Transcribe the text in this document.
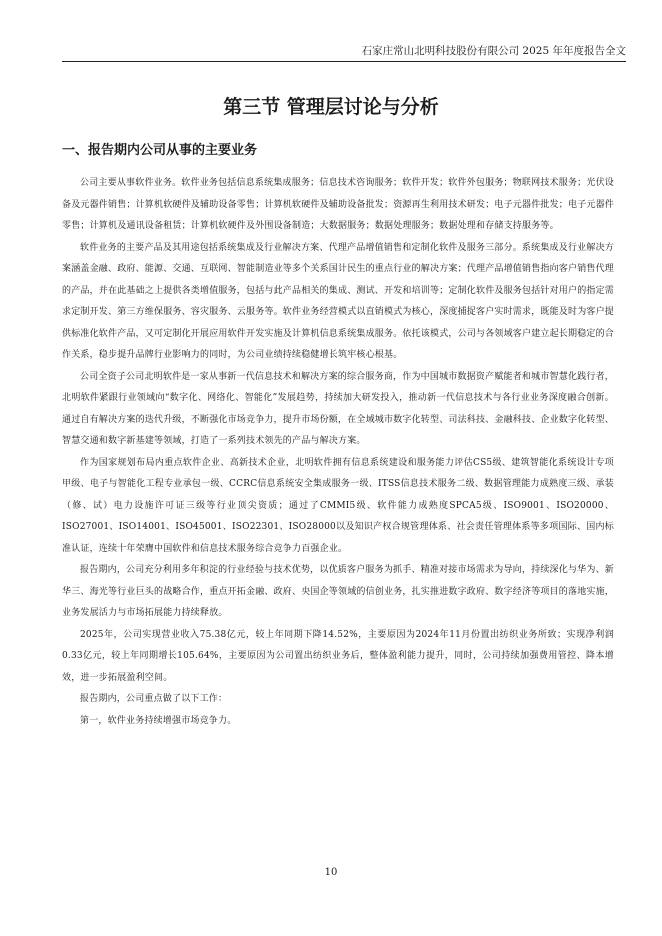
石家庄常山北明科技股份有限公司 2025 年年度报告全文
第三节 管理层讨论与分析
一、报告期内公司从事的主要业务

公司主要从事软件业务。软件业务包括信息系统集成服务；信息技术咨询服务；软件开发；软件外包服务；物联网技术服务；光伏设备及元器件销售；计算机软硬件及辅助设备零售；计算机软硬件及辅助设备批发；资源再生利用技术研发；电子元器件批发；电子元器件零售；计算机及通讯设备租赁；计算机软硬件及外围设备制造；大数据服务；数据处理服务；数据处理和存储支持服务等。

软件业务的主要产品及其用途包括系统集成及行业解决方案、代理产品增值销售和定制化软件及服务三部分。系统集成及行业解决方案涵盖金融、政府、能源、交通、互联网、智能制造业等多个关系国计民生的重点行业的解决方案；代理产品增值销售指向客户销售代理的产品，并在此基础之上提供各类增值服务，包括与此产品相关的集成、测试、开发和培训等；定制化软件及服务包括针对用户的指定需求定制开发、第三方维保服务、容灾服务、云服务等。软件业务经营模式以直销模式为核心，深度捕捉客户实时需求，既能及时为客户提供标准化软件产品，又可定制化开展应用软件开发实施及计算机信息系统集成服务。依托该模式，公司与各领域客户建立起长期稳定的合作关系，稳步提升品牌行业影响力的同时，为公司业绩持续稳健增长筑牢核心根基。

公司全资子公司北明软件是一家从事新一代信息技术和解决方案的综合服务商，作为中国城市数据资产赋能者和城市智慧化践行者，北明软件紧跟行业领域向“数字化、网络化、智能化”发展趋势，持续加大研发投入，推动新一代信息技术与各行业业务深度融合创新。通过自有解决方案的迭代升级，不断强化市场竞争力，提升市场份额，在全域城市数字化转型、司法科技、金融科技、企业数字化转型、智慧交通和数字新基建等领域，打造了一系列技术领先的产品与解决方案。

作为国家规划布局内重点软件企业、高新技术企业，北明软件拥有信息系统建设和服务能力评估CS5级、建筑智能化系统设计专项甲级、电子与智能化工程专业承包一级、CCRC信息系统安全集成服务一级、ITSS信息技术服务二级、数据管理能力成熟度三级、承装（修、试）电力设施许可证三级等行业顶尖资质；通过了CMMI5级、软件能力成熟度SPCA5级、ISO9001、ISO20000、ISO27001、ISO14001、ISO45001、ISO22301、ISO28000以及知识产权合规管理体系、社会责任管理体系等多项国际、国内标准认证，连续十年荣膺中国软件和信息技术服务综合竞争力百强企业。

报告期内，公司充分利用多年积淀的行业经验与技术优势，以优质客户服务为抓手、精准对接市场需求为导向，持续深化与华为、新华三、海光等行业巨头的战略合作，重点开拓金融、政府、央国企等领域的信创业务，扎实推进数字政府、数字经济等项目的落地实施，业务发展活力与市场拓展能力持续释放。

2025年，公司实现营业收入75.38亿元，较上年同期下降14.52%，主要原因为2024年11月份置出纺织业务所致；实现净利润0.33亿元，较上年同期增长105.64%，主要原因为公司置出纺织业务后，整体盈利能力提升，同时，公司持续加强费用管控、降本增效，进一步拓展盈利空间。

报告期内，公司重点做了以下工作：

第一，软件业务持续增强市场竞争力。

10
